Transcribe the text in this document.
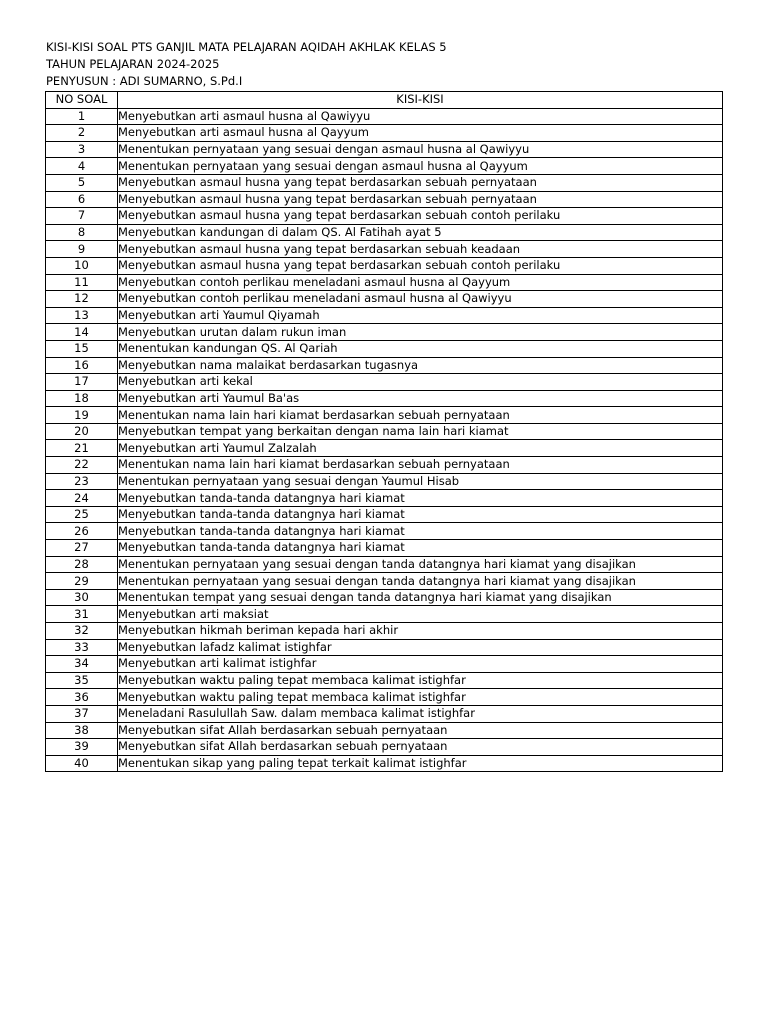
KISI-KISI SOAL PTS GANJIL MATA PELAJARAN AQIDAH AKHLAK KELAS 5
TAHUN PELAJARAN 2024-2025
PENYUSUN : ADI SUMARNO, S.Pd.I
NO SOAL	KISI-KISI
1	Menyebutkan arti asmaul husna al Qawiyyu
2	Menyebutkan arti asmaul husna al Qayyum
3	Menentukan pernyataan yang sesuai dengan asmaul husna al Qawiyyu
4	Menentukan pernyataan yang sesuai dengan asmaul husna al Qayyum
5	Menyebutkan asmaul husna yang tepat berdasarkan sebuah pernyataan
6	Menyebutkan asmaul husna yang tepat berdasarkan sebuah pernyataan
7	Menyebutkan asmaul husna yang tepat berdasarkan sebuah contoh perilaku
8	Menyebutkan kandungan di dalam QS. Al Fatihah ayat 5
9	Menyebutkan asmaul husna yang tepat berdasarkan sebuah keadaan
10	Menyebutkan asmaul husna yang tepat berdasarkan sebuah contoh perilaku
11	Menyebutkan contoh perlikau meneladani asmaul husna al Qayyum
12	Menyebutkan contoh perlikau meneladani asmaul husna al Qawiyyu
13	Menyebutkan arti Yaumul Qiyamah
14	Menyebutkan urutan dalam rukun iman
15	Menentukan kandungan QS. Al Qariah
16	Menyebutkan nama malaikat berdasarkan tugasnya
17	Menyebutkan arti kekal
18	Menyebutkan arti Yaumul Ba'as
19	Menentukan nama lain hari kiamat berdasarkan sebuah pernyataan
20	Menyebutkan tempat yang berkaitan dengan nama lain hari kiamat
21	Menyebutkan arti Yaumul Zalzalah
22	Menentukan nama lain hari kiamat berdasarkan sebuah pernyataan
23	Menentukan pernyataan yang sesuai dengan Yaumul Hisab
24	Menyebutkan tanda-tanda datangnya hari kiamat
25	Menyebutkan tanda-tanda datangnya hari kiamat
26	Menyebutkan tanda-tanda datangnya hari kiamat
27	Menyebutkan tanda-tanda datangnya hari kiamat
28	Menentukan pernyataan yang sesuai dengan tanda datangnya hari kiamat yang disajikan
29	Menentukan pernyataan yang sesuai dengan tanda datangnya hari kiamat yang disajikan
30	Menentukan tempat yang sesuai dengan tanda datangnya hari kiamat yang disajikan
31	Menyebutkan arti maksiat
32	Menyebutkan hikmah beriman kepada hari akhir
33	Menyebutkan lafadz kalimat istighfar
34	Menyebutkan arti kalimat istighfar
35	Menyebutkan waktu paling tepat membaca kalimat istighfar
36	Menyebutkan waktu paling tepat membaca kalimat istighfar
37	Meneladani Rasulullah Saw. dalam membaca kalimat istighfar
38	Menyebutkan sifat Allah berdasarkan sebuah pernyataan
39	Menyebutkan sifat Allah berdasarkan sebuah pernyataan
40	Menentukan sikap yang paling tepat terkait kalimat istighfar
